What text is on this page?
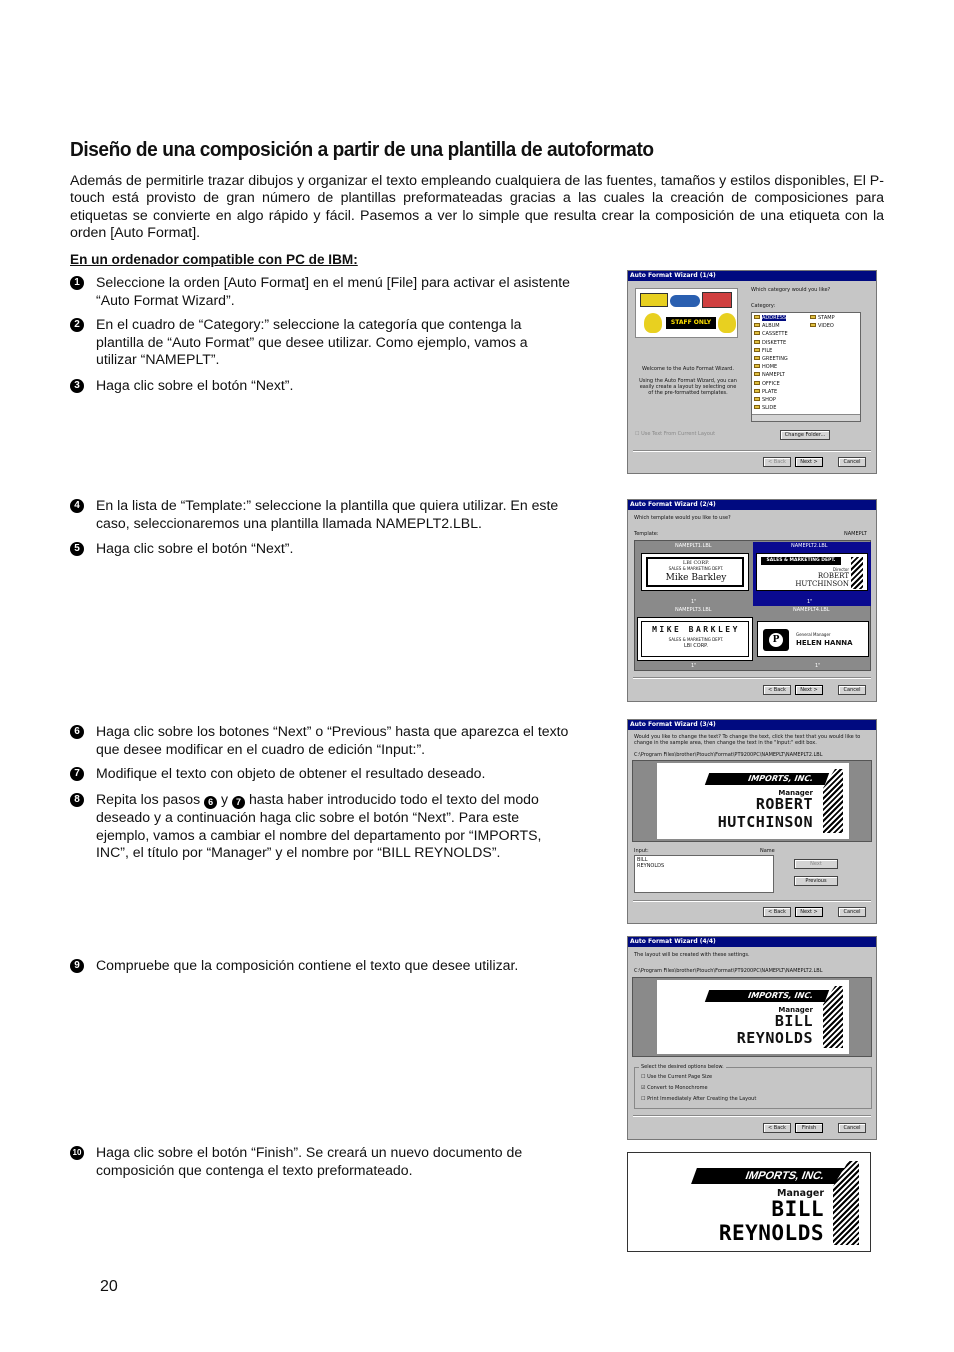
Diseño de una composición a partir de una plantilla de autoformato

Además de permitirle trazar dibujos y organizar el texto empleando cualquiera de las fuentes, tamaños y estilos disponibles, El P-touch está provisto de gran número de plantillas preformateadas gracias a las cuales la creación de composiciones para etiquetas se convierte en algo rápido y fácil. Pasemos a ver lo simple que resulta crear la composición de una etiqueta con la orden [Auto Format].

En un ordenador compatible con PC de IBM:
1 Seleccione la orden [Auto Format] en el menú [File] para activar el asistente “Auto Format Wizard”.
2 En el cuadro de “Category:” seleccione la categoría que contenga la plantilla de “Auto Format” que desee utilizar. Como ejemplo, vamos a utilizar “NAMEPLT”.
3 Haga clic sobre el botón “Next”.
4 En la lista de “Template:” seleccione la plantilla que quiera utilizar. En este caso, seleccionaremos una plantilla llamada NAMEPLT2.LBL.
5 Haga clic sobre el botón “Next”.
6 Haga clic sobre los botones “Next” o “Previous” hasta que aparezca el texto que desee modificar en el cuadro de edición “Input:”.
7 Modifique el texto con objeto de obtener el resultado deseado.
8 Repita los pasos 6 y 7 hasta haber introducido todo el texto del modo deseado y a continuación haga clic sobre el botón “Next”. Para este ejemplo, vamos a cambiar el nombre del departamento por “IMPORTS, INC”, el título por “Manager” y el nombre por “BILL REYNOLDS”.
9 Compruebe que la composición contiene el texto que desee utilizar.
10 Haga clic sobre el botón “Finish”. Se creará un nuevo documento de composición que contenga el texto preformateado.
20
Auto Format Wizard (1/4)
STAFF ONLY
Welcome to the Auto Format Wizard.
Using the Auto Format Wizard, you can easily create a layout by selecting one of the pre-formatted templates.
Which category would you like?
Category:
ADDRESS
ALBUM
CASSETTE
DISKETTE
FILE
GREETING
HOME
NAMEPLT
OFFICE
PLATE
SHOP
SLIDE
STAMP
VIDEO
☐ Use Text From Current Layout	Change Folder...
< Back	Next >	Cancel
Auto Format Wizard (2/4)
Which template would you like to use?
Template:	NAMEPLT
NAMEPLT1.LBL
LBI CORP.
SALES & MARKETING DEPT.
Mike Barkley
1"
NAMEPLT2.LBL
SALES & MARKETING DEPT.
Director
ROBERT
HUTCHINSON
1"
NAMEPLT3.LBL
MIKE BARKLEY
SALES & MARKETING DEPT.
LBI CORP.
1"
NAMEPLT4.LBL
P
General Manager
HELEN HANNA
1"
< Back	Next >	Cancel
Auto Format Wizard (3/4)
Would you like to change the text? To change the text, click the text that you would like to change in the sample area, then change the text in the "Input:" edit box.
C:\Program Files\brother\Ptouch\Format\PT9200PC\NAMEPLT\NAMEPLT2.LBL
IMPORTS, INC.
Manager
ROBERT
HUTCHINSON
Input:	Name
BILL
REYNOLDS	Next
Previous
< Back	Next >	Cancel
Auto Format Wizard (4/4)
The layout will be created with these settings.
C:\Program Files\brother\Ptouch\Format\PT9200PC\NAMEPLT\NAMEPLT2.LBL
IMPORTS, INC.
Manager
BILL
REYNOLDS
Select the desired options below.
☐ Use the Current Page Size
☑ Convert to Monochrome
☐ Print Immediately After Creating the Layout
< Back	Finish	Cancel
IMPORTS, INC.
Manager
BILL
REYNOLDS
